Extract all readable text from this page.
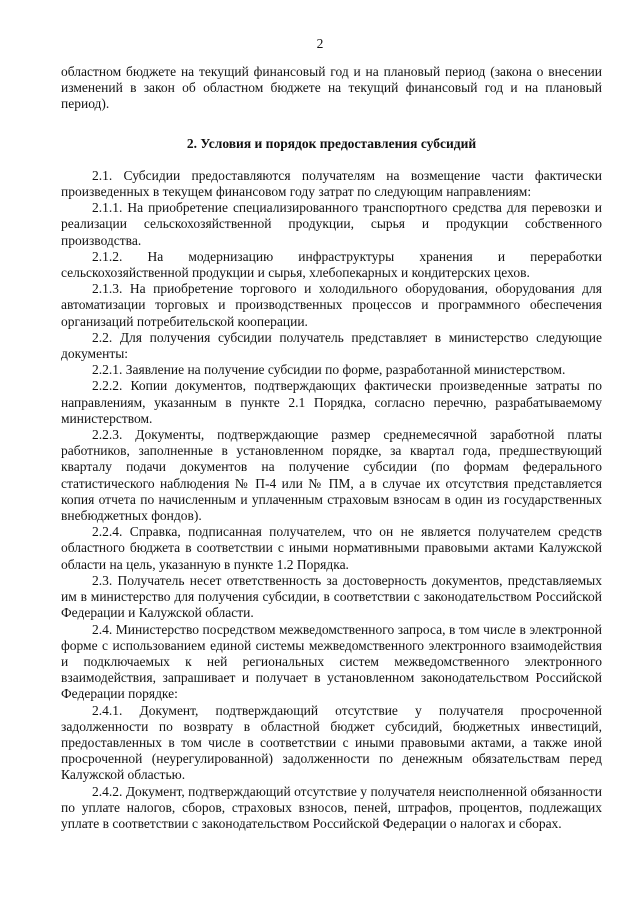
2

областном бюджете на текущий финансовый год и на плановый период (закона о внесении изменений в закон об областном бюджете на текущий финансовый год и на плановый период).

2. Условия и порядок предоставления субсидий

2.1. Субсидии предоставляются получателям на возмещение части фактически произведенных в текущем финансовом году затрат по следующим направлениям:

2.1.1. На приобретение специализированного транспортного средства для перевозки и реализации сельскохозяйственной продукции, сырья и продукции собственного производства.

2.1.2. На модернизацию инфраструктуры хранения и переработки сельскохозяйственной продукции и сырья, хлебопекарных и кондитерских цехов.

2.1.3. На приобретение торгового и холодильного оборудования, оборудования для автоматизации торговых и производственных процессов и программного обеспечения организаций потребительской кооперации.

2.2. Для получения субсидии получатель представляет в министерство следующие документы:

2.2.1. Заявление на получение субсидии по форме, разработанной министерством.

2.2.2. Копии документов, подтверждающих фактически произведенные затраты по направлениям, указанным в пункте 2.1 Порядка, согласно перечню, разрабатываемому министерством.

2.2.3. Документы, подтверждающие размер среднемесячной заработной платы работников, заполненные в установленном порядке, за квартал года, предшествующий кварталу подачи документов на получение субсидии (по формам федерального статистического наблюдения № П-4 или № ПМ, а в случае их отсутствия представляется копия отчета по начисленным и уплаченным страховым взносам в один из государственных внебюджетных фондов).

2.2.4. Справка, подписанная получателем, что он не является получателем средств областного бюджета в соответствии с иными нормативными правовыми актами Калужской области на цель, указанную в пункте 1.2 Порядка.

2.3. Получатель несет ответственность за достоверность документов, представляемых им в министерство для получения субсидии, в соответствии с законодательством Российской Федерации и Калужской области.

2.4. Министерство посредством межведомственного запроса, в том числе в электронной форме с использованием единой системы межведомственного электронного взаимодействия и подключаемых к ней региональных систем межведомственного электронного взаимодействия, запрашивает и получает в установленном законодательством Российской Федерации порядке:

2.4.1. Документ, подтверждающий отсутствие у получателя просроченной задолженности по возврату в областной бюджет субсидий, бюджетных инвестиций, предоставленных в том числе в соответствии с иными правовыми актами, а также иной просроченной (неурегулированной) задолженности по денежным обязательствам перед Калужской областью.

2.4.2. Документ, подтверждающий отсутствие у получателя неисполненной обязанности по уплате налогов, сборов, страховых взносов, пеней, штрафов, процентов, подлежащих уплате в соответствии с законодательством Российской Федерации о налогах и сборах.
